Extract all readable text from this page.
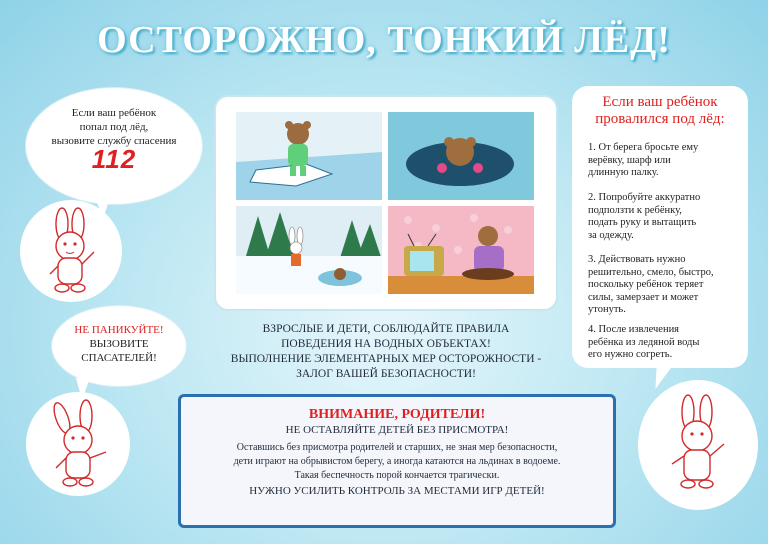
ОСТОРОЖНО, ТОНКИЙ ЛЁД!
Если ваш ребёнок
попал под лёд,
вызовите службу спасения
112
НЕ ПАНИКУЙТЕ!
ВЫЗОВИТЕ
СПАСАТЕЛЕЙ!
ВЗРОСЛЫЕ И ДЕТИ, СОБЛЮДАЙТЕ ПРАВИЛА
ПОВЕДЕНИЯ НА ВОДНЫХ ОБЪЕКТАХ!
ВЫПОЛНЕНИЕ ЭЛЕМЕНТАРНЫХ МЕР ОСТОРОЖНОСТИ -
ЗАЛОГ ВАШЕЙ БЕЗОПАСНОСТИ!
Если ваш ребёнок
провалился под лёд:
1. От берега бросьте ему
верёвку, шарф или
длинную палку.
2. Попробуйте аккуратно
подползти к ребёнку,
подать руку и вытащить
за одежду.
3. Действовать нужно
решительно, смело, быстро,
поскольку ребёнок теряет
силы, замерзает и может
утонуть.
4. После извлечения
ребёнка из ледяной воды
его нужно согреть.
ВНИМАНИЕ, РОДИТЕЛИ!
НЕ ОСТАВЛЯЙТЕ ДЕТЕЙ БЕЗ ПРИСМОТРА!
Оставшись без присмотра родителей и старших, не зная мер безопасности,
дети играют на обрывистом берегу, а иногда катаются на льдинах в водоеме.
Такая беспечность порой кончается трагически.
НУЖНО УСИЛИТЬ КОНТРОЛЬ ЗА МЕСТАМИ ИГР ДЕТЕЙ!
